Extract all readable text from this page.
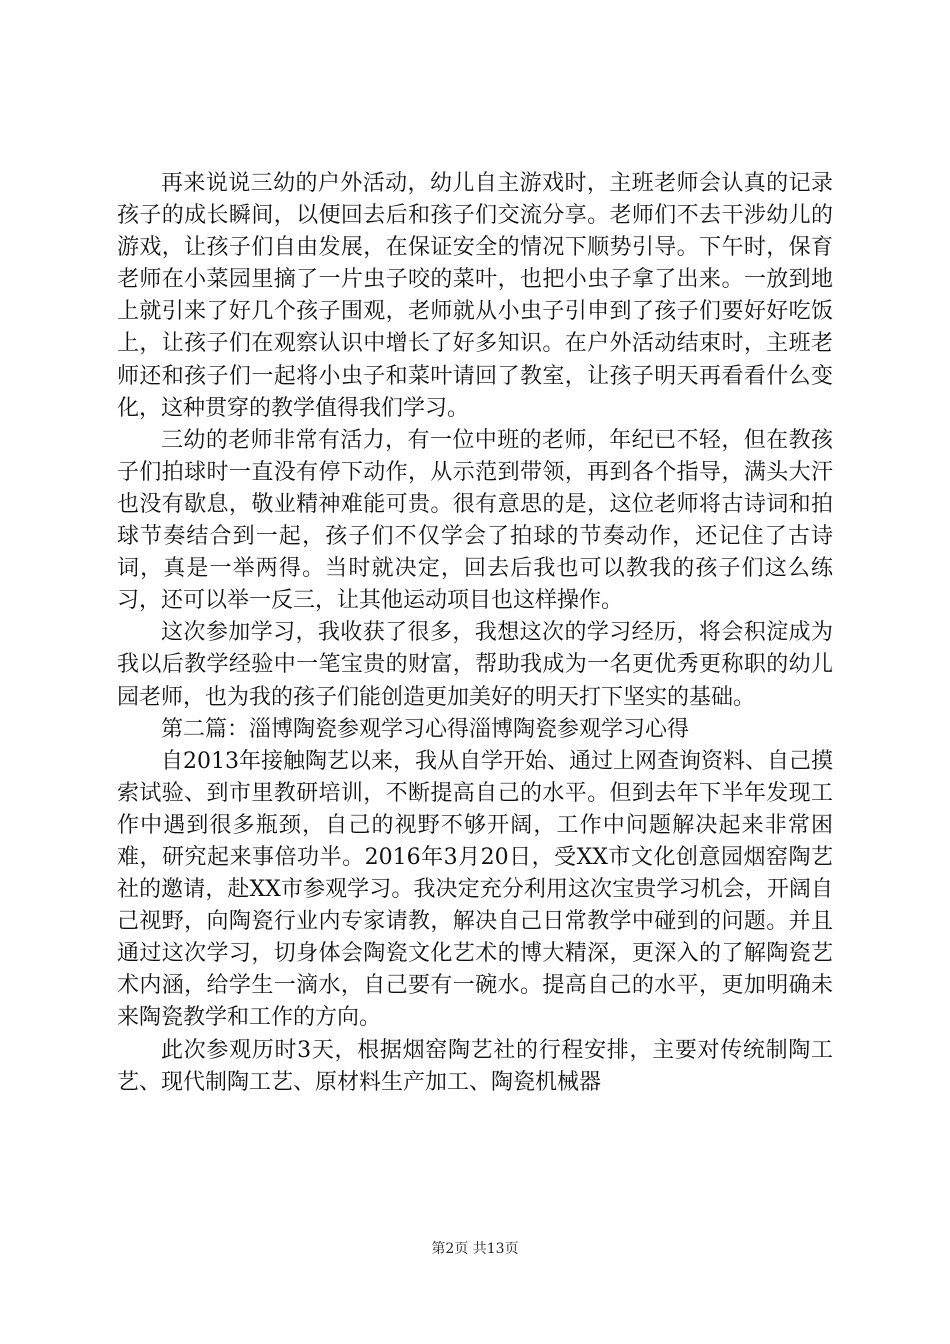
再来说说三幼的户外活动，幼儿自主游戏时，主班老师会认真的记录孩子的成长瞬间，以便回去后和孩子们交流分享。老师们不去干涉幼儿的游戏，让孩子们自由发展，在保证安全的情况下顺势引导。下午时，保育老师在小菜园里摘了一片虫子咬的菜叶，也把小虫子拿了出来。一放到地上就引来了好几个孩子围观，老师就从小虫子引申到了孩子们要好好吃饭上，让孩子们在观察认识中增长了好多知识。在户外活动结束时，主班老师还和孩子们一起将小虫子和菜叶请回了教室，让孩子明天再看看什么变化，这种贯穿的教学值得我们学习。

三幼的老师非常有活力，有一位中班的老师，年纪已不轻，但在教孩子们拍球时一直没有停下动作，从示范到带领，再到各个指导，满头大汗也没有歇息，敬业精神难能可贵。很有意思的是，这位老师将古诗词和拍球节奏结合到一起，孩子们不仅学会了拍球的节奏动作，还记住了古诗词，真是一举两得。当时就决定，回去后我也可以教我的孩子们这么练习，还可以举一反三，让其他运动项目也这样操作。

这次参加学习，我收获了很多，我想这次的学习经历，将会积淀成为我以后教学经验中一笔宝贵的财富，帮助我成为一名更优秀更称职的幼儿园老师，也为我的孩子们能创造更加美好的明天打下坚实的基础。

第二篇：淄博陶瓷参观学习心得淄博陶瓷参观学习心得

自2013年接触陶艺以来，我从自学开始、通过上网查询资料、自己摸索试验、到市里教研培训，不断提高自己的水平。但到去年下半年发现工作中遇到很多瓶颈，自己的视野不够开阔，工作中问题解决起来非常困难，研究起来事倍功半。2016年3月20日，受XX市文化创意园烟窑陶艺社的邀请，赴XX市参观学习。我决定充分利用这次宝贵学习机会，开阔自己视野，向陶瓷行业内专家请教，解决自己日常教学中碰到的问题。并且通过这次学习，切身体会陶瓷文化艺术的博大精深，更深入的了解陶瓷艺术内涵，给学生一滴水，自己要有一碗水。提高自己的水平，更加明确未来陶瓷教学和工作的方向。

此次参观历时3天，根据烟窑陶艺社的行程安排，主要对传统制陶工艺、现代制陶工艺、原材料生产加工、陶瓷机械器

第2页 共13页
